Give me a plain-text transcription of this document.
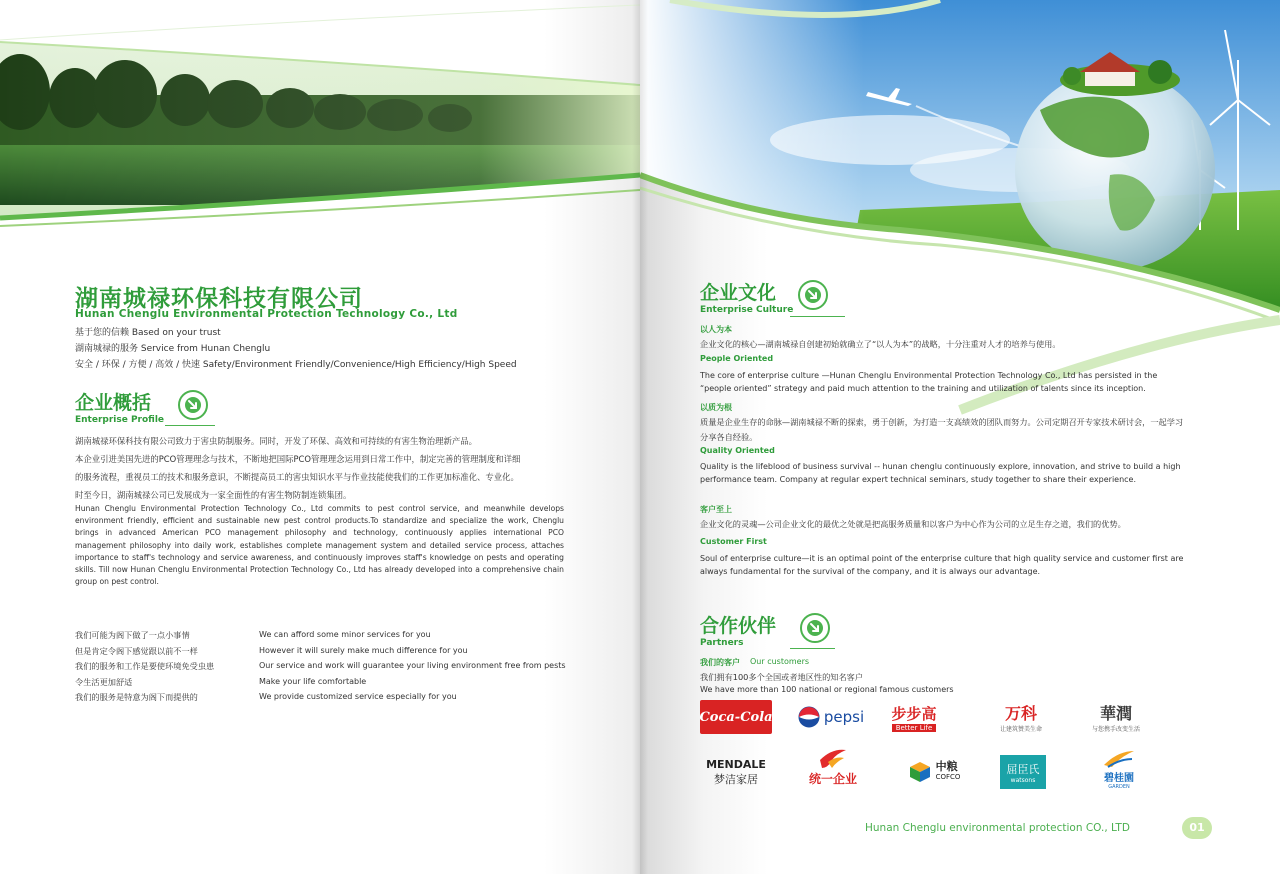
湖南城禄环保科技有限公司
Hunan Chenglu Environmental Protection Technology Co., Ltd
基于您的信赖 Based on your trust
湖南城禄的服务 Service from Hunan Chenglu
安全 / 环保 / 方便 / 高效 / 快速 Safety/Environment Friendly/Convenience/High Efficiency/High Speed
企业概括
Enterprise Profile
湖南城禄环保科技有限公司致力于害虫防制服务。同时，开发了环保、高效和可持续的有害生物治理新产品。
本企业引进美国先进的PCO管理理念与技术，不断地把国际PCO管理理念运用到日常工作中，制定完善的管理制度和详细
的服务流程，重视员工的技术和服务意识，不断提高员工的害虫知识水平与作业技能使我们的工作更加标准化、专业化。
时至今日，湖南城禄公司已发展成为一家全面性的有害生物防制连锁集团。
Hunan Chenglu Environmental Protection Technology Co., Ltd commits to pest control service, and meanwhile develops environment friendly, efficient and sustainable new pest control products.To standardize and specialize the work, Chenglu brings in advanced American PCO management philosophy and technology, continuously applies international PCO management philosophy into daily work, establishes complete management system and detailed service process, attaches importance to staff's technology and service awareness, and continuously improves staff's knowledge on pests and operating skills. Till now Hunan Chenglu Environmental Protection Technology Co., Ltd has already developed into a comprehensive chain group on pest control.
我们可能为阁下做了一点小事情	We can afford some minor services for you
但是肯定令阁下感觉跟以前不一样	However it will surely make much difference for you
我们的服务和工作是要使环境免受虫患	Our service and work will guarantee your living environment free from pests
令生活更加舒适	Make your life comfortable
我们的服务是特意为阁下而提供的	We provide customized service especially for you
企业文化
Enterprise Culture
以人为本
企业文化的核心—湖南城禄自创建初始就确立了“以人为本”的战略，十分注重对人才的培养与使用。
People Oriented
The core of enterprise culture —Hunan Chenglu Environmental Protection Technology Co., Ltd has persisted in the “people oriented” strategy and paid much attention to the training and utilization of talents since its inception.
以质为根
质量是企业生存的命脉—湖南城禄不断的探索，勇于创新，为打造一支高绩效的团队而努力。公司定期召开专家技术研讨会，一起学习分享各自经验。
Quality Oriented
Quality is the lifeblood of business survival -- hunan chenglu continuously explore, innovation, and strive to build a high performance team. Company at regular expert technical seminars, study together to share their experience.
客户至上
企业文化的灵魂—公司企业文化的最优之处就是把高服务质量和以客户为中心作为公司的立足生存之道，我们的优势。
Customer First
Soul of enterprise culture—it is an optimal point of the enterprise culture that high quality service and customer first are always fundamental for the survival of the company, and it is always our advantage.
合作伙伴
Partners
我们的客户 Our customers
我们拥有100多个全国或者地区性的知名客户
We have more than 100 national or regional famous customers
Coca-Cola	pepsi 步步高
Better Life
万科
让建筑赞美生命
華潤
与您携手改变生活
MENDALE
梦洁家居	统一企业
中粮
COFCO
屈臣氏
watsons	碧桂園
GARDEN
Hunan Chenglu environmental protection CO., LTD	01
